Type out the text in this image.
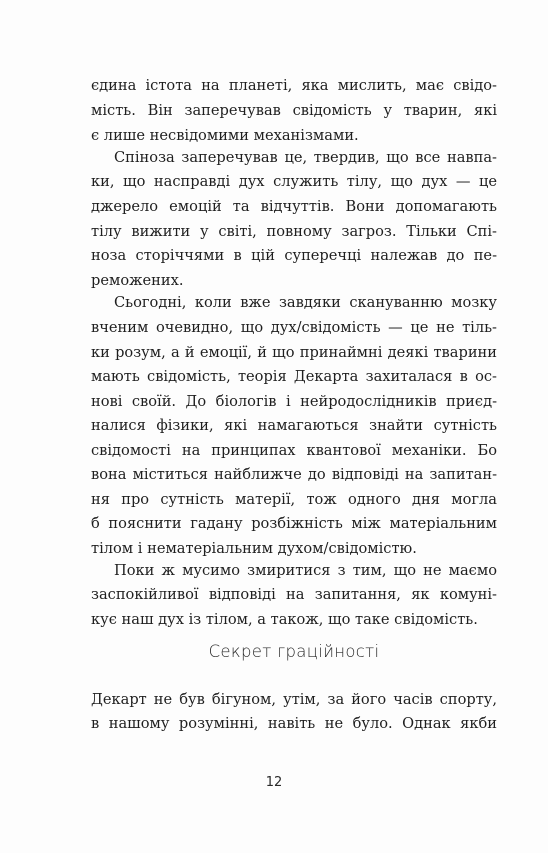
єдина істота на планеті, яка мислить, має свідо-
мість. Він заперечував свідомість у тварин, які
є лише несвідомими механізмами.
Спіноза заперечував це, твердив, що все навпа-
ки, що насправді дух служить тілу, що дух — це
джерело емоцій та відчуттів. Вони допомагають
тілу вижити у світі, повному загроз. Тільки Спі-
ноза сторіччями в цій суперечці належав до пе-
реможених.
Сьогодні, коли вже завдяки скануванню мозку
вченим очевидно, що дух/свідомість — це не тіль-
ки розум, а й емоції, й що принаймні деякі тварини
мають свідомість, теорія Декарта захиталася в ос-
нові своїй. До біологів і нейродослідників приєд-
налися фізики, які намагаються знайти сутність
свідомості на принципах квантової механіки. Бо
вона міститься найближче до відповіді на запитан-
ня про сутність матерії, тож одного дня могла
б пояснити гадану розбіжність між матеріальним
тілом і нематеріальним духом/свідомістю.
Поки ж мусимо змиритися з тим, що не маємо
заспокійливої відповіді на запитання, як комуні-
кує наш дух із тілом, а також, що таке свідомість.
Секрет граційності
Декарт не був бігуном, утім, за його часів спорту,
в нашому розумінні, навіть не було. Однак якби
12
